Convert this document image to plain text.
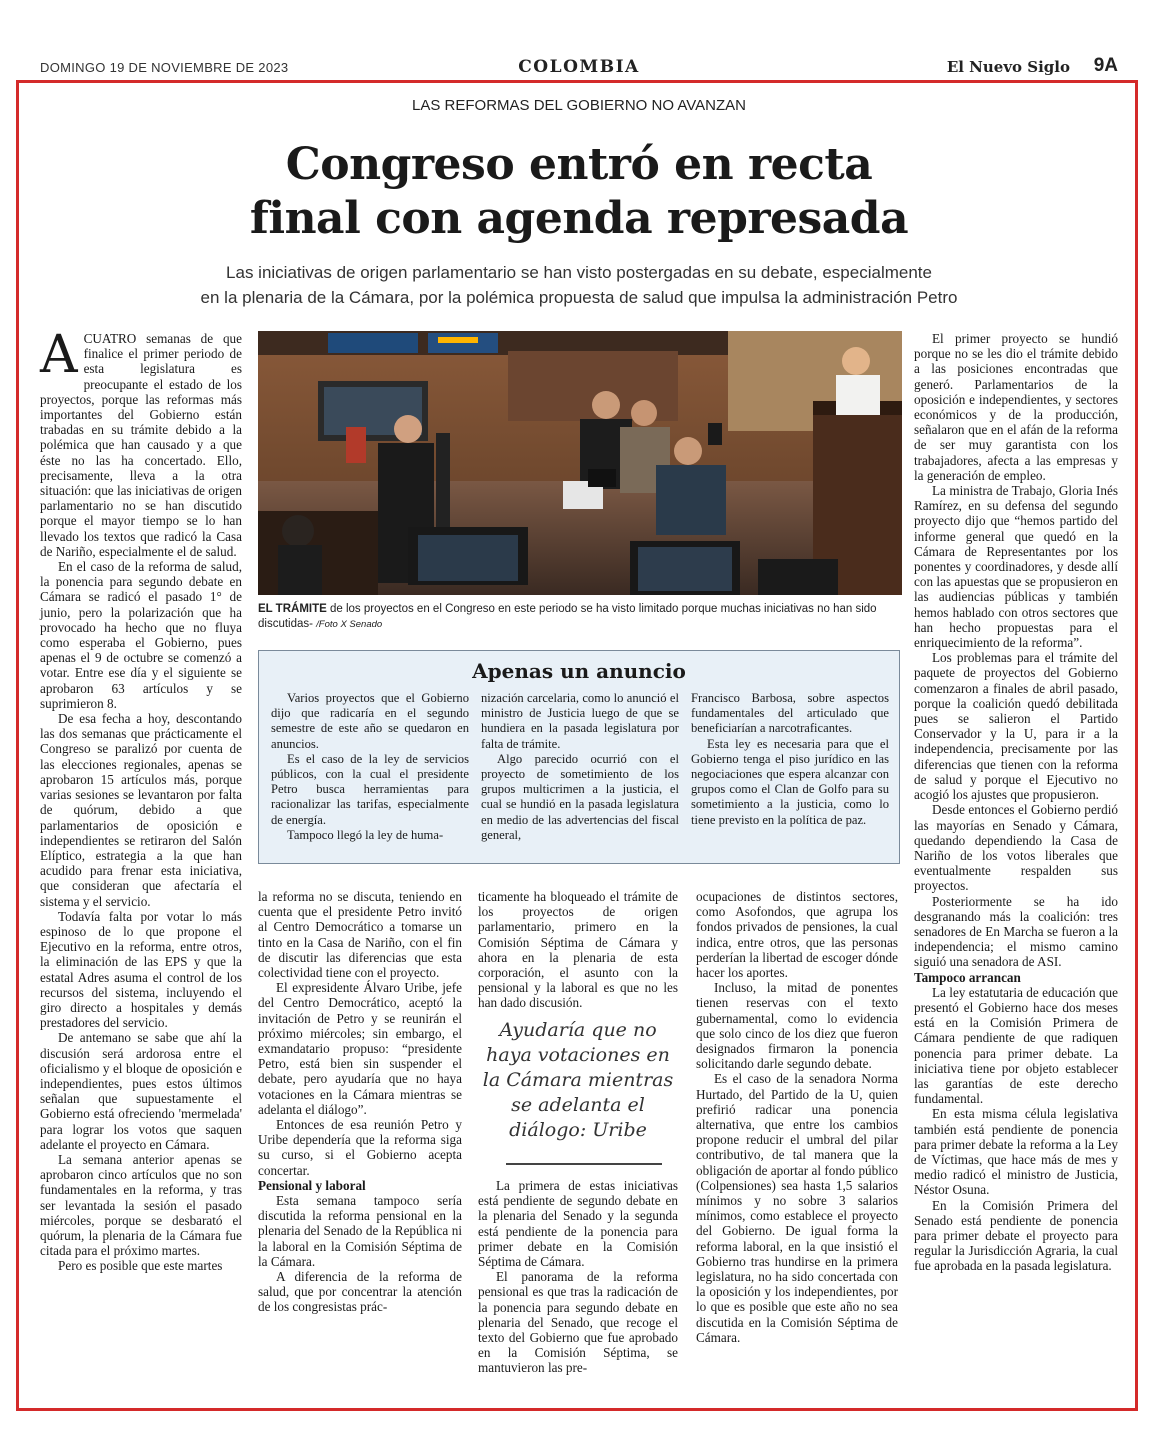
DOMINGO 19 DE NOVIEMBRE DE 2023	COLOMBIA	El Nuevo Siglo 9A
LAS REFORMAS DEL GOBIERNO NO AVANZAN
Congreso entró en recta
final con agenda represada
Las iniciativas de origen parlamentario se han visto postergadas en su debate, especialmente
en la plenaria de la Cámara, por la polémica propuesta de salud que impulsa la administración Petro

ACUATRO semanas de que finalice el primer periodo de esta legislatura es preocupante el estado de los proyectos, porque las reformas más importantes del Gobierno están trabadas en su trámite debido a la polémica que han causado y a que éste no las ha concertado. Ello, precisamente, lleva a la otra situación: que las iniciativas de origen parlamentario no se han discutido porque el mayor tiempo se lo han llevado los textos que radicó la Casa de Nariño, especialmente el de salud.

En el caso de la reforma de salud, la ponencia para segundo debate en Cámara se radicó el pasado 1° de junio, pero la polarización que ha provocado ha hecho que no fluya como esperaba el Gobierno, pues apenas el 9 de octubre se comenzó a votar. Entre ese día y el siguiente se aprobaron 63 artículos y se suprimieron 8.

De esa fecha a hoy, descontando las dos semanas que prácticamente el Congreso se paralizó por cuenta de las elecciones regionales, apenas se aprobaron 15 artículos más, porque varias sesiones se levantaron por falta de quórum, debido a que parlamentarios de oposición e independientes se retiraron del Salón Elíptico, estrategia a la que han acudido para frenar esta iniciativa, que consideran que afectaría el sistema y el servicio.

Todavía falta por votar lo más espinoso de lo que propone el Ejecutivo en la reforma, entre otros, la eliminación de las EPS y que la estatal Adres asuma el control de los recursos del sistema, incluyendo el giro directo a hospitales y demás prestadores del servicio.

De antemano se sabe que ahí la discusión será ardorosa entre el oficialismo y el bloque de oposición e independientes, pues estos últimos señalan que supuestamente el Gobierno está ofreciendo 'mermelada' para lograr los votos que saquen adelante el proyecto en Cámara.

La semana anterior apenas se aprobaron cinco artículos que no son fundamentales en la reforma, y tras ser levantada la sesión el pasado miércoles, porque se desbarató el quórum, la plenaria de la Cámara fue citada para el próximo martes.

Pero es posible que este martes

EL TRÁMITE de los proyectos en el Congreso en este periodo se ha visto limitado porque muchas iniciativas no han sido discutidas- /Foto X Senado
Apenas un anuncio

Varios proyectos que el Gobierno dijo que radicaría en el segundo semestre de este año se quedaron en anuncios.

Es el caso de la ley de servicios públicos, con la cual el presidente Petro busca herramientas para racionalizar las tarifas, especialmente de energía.

Tampoco llegó la ley de huma-

nización carcelaria, como lo anunció el ministro de Justicia luego de que se hundiera en la pasada legislatura por falta de trámite.

Algo parecido ocurrió con el proyecto de sometimiento de los grupos multicrimen a la justicia, el cual se hundió en la pasada legislatura en medio de las advertencias del fiscal general,

Francisco Barbosa, sobre aspectos fundamentales del articulado que beneficiarían a narcotraficantes.

Esta ley es necesaria para que el Gobierno tenga el piso jurídico en las negociaciones que espera alcanzar con grupos como el Clan de Golfo para su sometimiento a la justicia, como lo tiene previsto en la política de paz.

la reforma no se discuta, teniendo en cuenta que el presidente Petro invitó al Centro Democrático a tomarse un tinto en la Casa de Nariño, con el fin de discutir las diferencias que esta colectividad tiene con el proyecto.

El expresidente Álvaro Uribe, jefe del Centro Democrático, aceptó la invitación de Petro y se reunirán el próximo miércoles; sin embargo, el exmandatario propuso: “presidente Petro, está bien sin suspender el debate, pero ayudaría que no haya votaciones en la Cámara mientras se adelanta el diálogo”.

Entonces de esa reunión Petro y Uribe dependería que la reforma siga su curso, si el Gobierno acepta concertar.

Pensional y laboral

Esta semana tampoco sería discutida la reforma pensional en la plenaria del Senado de la República ni la laboral en la Comisión Séptima de la Cámara.

A diferencia de la reforma de salud, que por concentrar la atención de los congresistas prác-

ticamente ha bloqueado el trámite de los proyectos de origen parlamentario, primero en la Comisión Séptima de Cámara y ahora en la plenaria de esta corporación, el asunto con la pensional y la laboral es que no les han dado discusión.

Ayudaría que no haya votaciones en la Cámara mientras se adelanta el diálogo: Uribe

La primera de estas iniciativas está pendiente de segundo debate en la plenaria del Senado y la segunda está pendiente de la ponencia para primer debate en la Comisión Séptima de Cámara.

El panorama de la reforma pensional es que tras la radicación de la ponencia para segundo debate en plenaria del Senado, que recoge el texto del Gobierno que fue aprobado en la Comisión Séptima, se mantuvieron las pre-

ocupaciones de distintos sectores, como Asofondos, que agrupa los fondos privados de pensiones, la cual indica, entre otros, que las personas perderían la libertad de escoger dónde hacer los aportes.

Incluso, la mitad de ponentes tienen reservas con el texto gubernamental, como lo evidencia que solo cinco de los diez que fueron designados firmaron la ponencia solicitando darle segundo debate.

Es el caso de la senadora Norma Hurtado, del Partido de la U, quien prefirió radicar una ponencia alternativa, que entre los cambios propone reducir el umbral del pilar contributivo, de tal manera que la obligación de aportar al fondo público (Colpensiones) sea hasta 1,5 salarios mínimos y no sobre 3 salarios mínimos, como establece el proyecto del Gobierno. De igual forma la reforma laboral, en la que insistió el Gobierno tras hundirse en la primera legislatura, no ha sido concertada con la oposición y los independientes, por lo que es posible que este año no sea discutida en la Comisión Séptima de Cámara.

El primer proyecto se hundió porque no se les dio el trámite debido a las posiciones encontradas que generó. Parlamentarios de la oposición e independientes, y sectores económicos y de la producción, señalaron que en el afán de la reforma de ser muy garantista con los trabajadores, afecta a las empresas y la generación de empleo.

La ministra de Trabajo, Gloria Inés Ramírez, en su defensa del segundo proyecto dijo que “hemos partido del informe general que quedó en la Cámara de Representantes por los ponentes y coordinadores, y desde allí con las apuestas que se propusieron en las audiencias públicas y también hemos hablado con otros sectores que han hecho propuestas para el enriquecimiento de la reforma”.

Los problemas para el trámite del paquete de proyectos del Gobierno comenzaron a finales de abril pasado, porque la coalición quedó debilitada pues se salieron el Partido Conservador y la U, para ir a la independencia, precisamente por las diferencias que tienen con la reforma de salud y porque el Ejecutivo no acogió los ajustes que propusieron.

Desde entonces el Gobierno perdió las mayorías en Senado y Cámara, quedando dependiendo la Casa de Nariño de los votos liberales que eventualmente respalden sus proyectos.

Posteriormente se ha ido desgranando más la coalición: tres senadores de En Marcha se fueron a la independencia; el mismo camino siguió una senadora de ASI.

Tampoco arrancan

La ley estatutaria de educación que presentó el Gobierno hace dos meses está en la Comisión Primera de Cámara pendiente de que radiquen ponencia para primer debate. La iniciativa tiene por objeto establecer las garantías de este derecho fundamental.

En esta misma célula legislativa también está pendiente de ponencia para primer debate la reforma a la Ley de Víctimas, que hace más de mes y medio radicó el ministro de Justicia, Néstor Osuna.

En la Comisión Primera del Senado está pendiente de ponencia para primer debate el proyecto para regular la Jurisdicción Agraria, la cual fue aprobada en la pasada legislatura.
